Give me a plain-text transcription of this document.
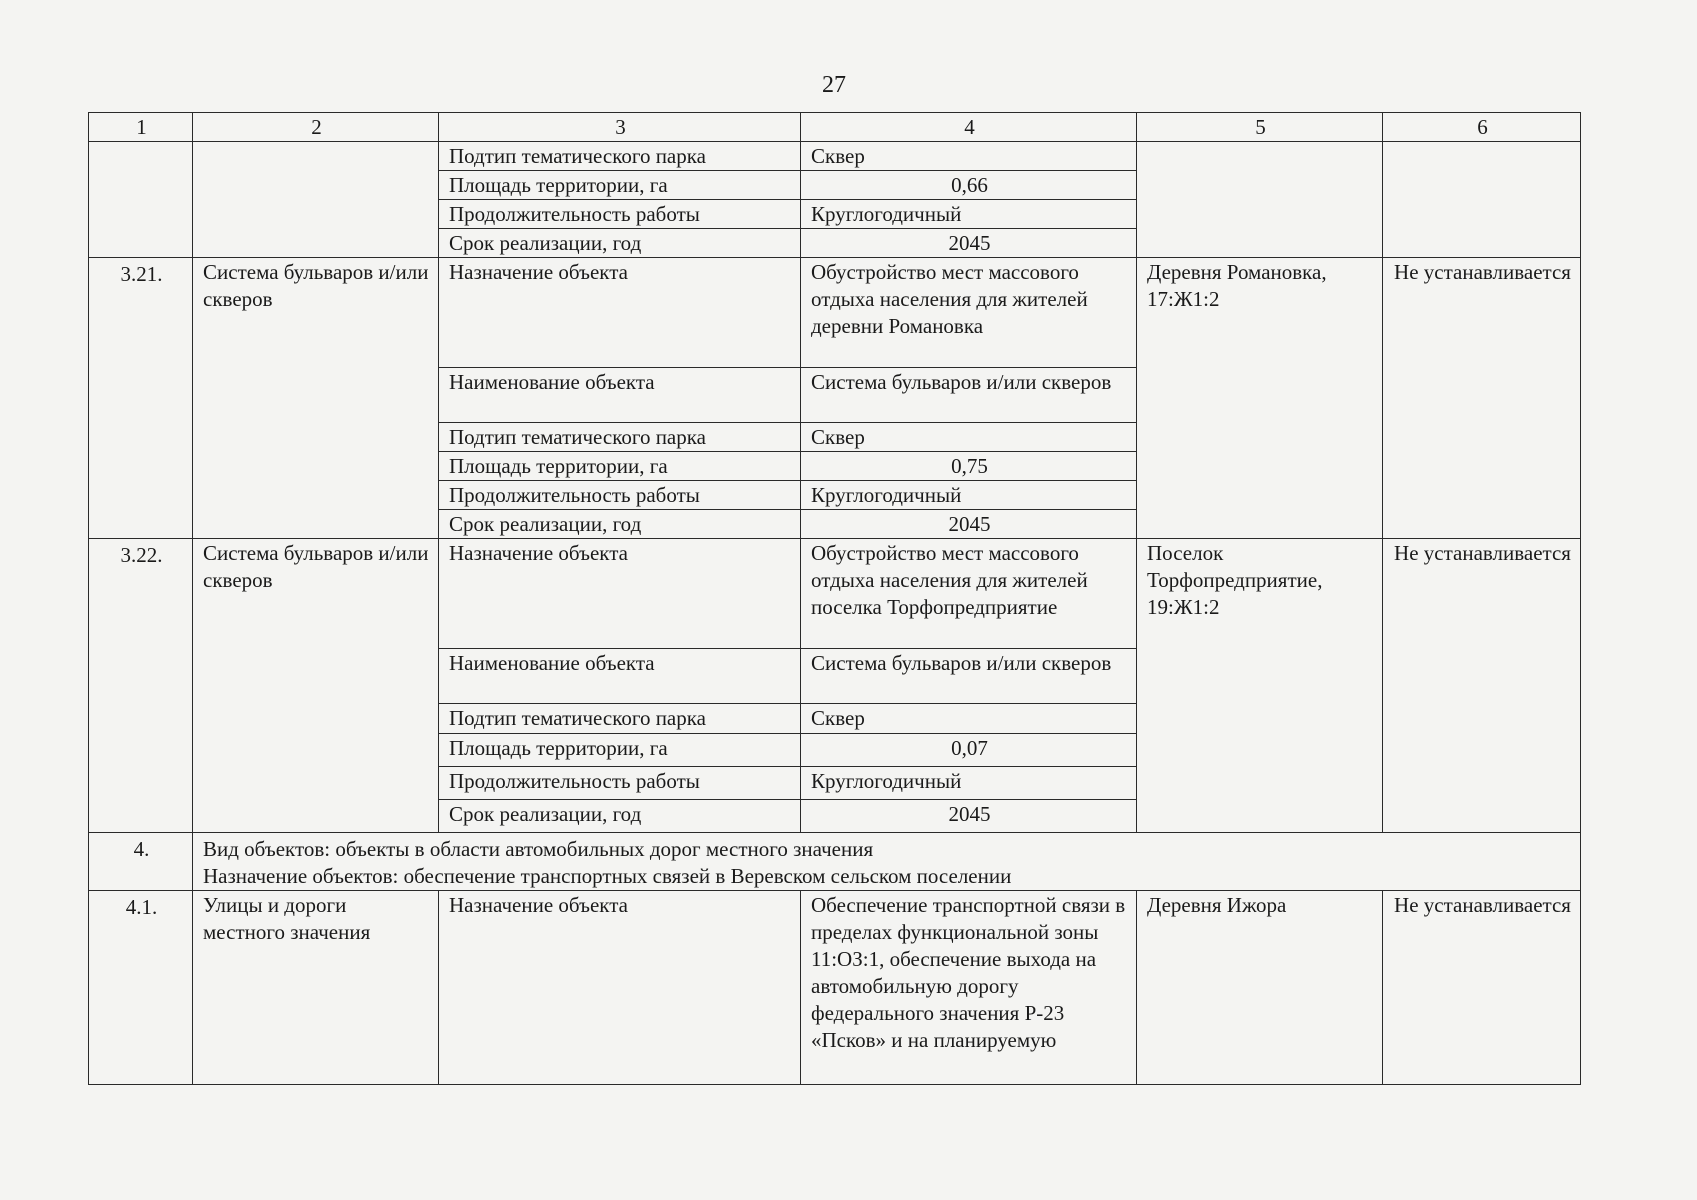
27
1	2	3	4	5	6
		Подтип тематического парка	Сквер		
		Площадь территории, га	0,66		
		Продолжительность работы	Круглогодичный		
		Срок реализации, год	2045		
3.21.	Система бульваров и/или скверов	Назначение объекта	Обустройство мест массового отдыха населения для жителей деревни Романовка	Деревня Романовка, 17:Ж1:2	Не устанавливается
		Наименование объекта	Система бульваров и/или скверов		
		Подтип тематического парка	Сквер		
		Площадь территории, га	0,75		
		Продолжительность работы	Круглогодичный		
		Срок реализации, год	2045		
3.22.	Система бульваров и/или скверов	Назначение объекта	Обустройство мест массового отдыха населения для жителей поселка Торфопредприятие	Поселок Торфопредприятие, 19:Ж1:2	Не устанавливается
		Наименование объекта	Система бульваров и/или скверов		
		Подтип тематического парка	Сквер		
		Площадь территории, га	0,07		
		Продолжительность работы	Круглогодичный		
		Срок реализации, год	2045		
4.	Вид объектов: объекты в области автомобильных дорог местного значения
Назначение объектов: обеспечение транспортных связей в Веревском сельском поселении				

4.1.	Улицы и дороги местного значения	Назначение объекта	Обеспечение транспортной связи в пределах функциональной зоны 11:ОЗ:1, обеспечение выхода на автомобильную дорогу федерального значения Р-23 «Псков» и на планируемую	Деревня Ижора	Не устанавливается
